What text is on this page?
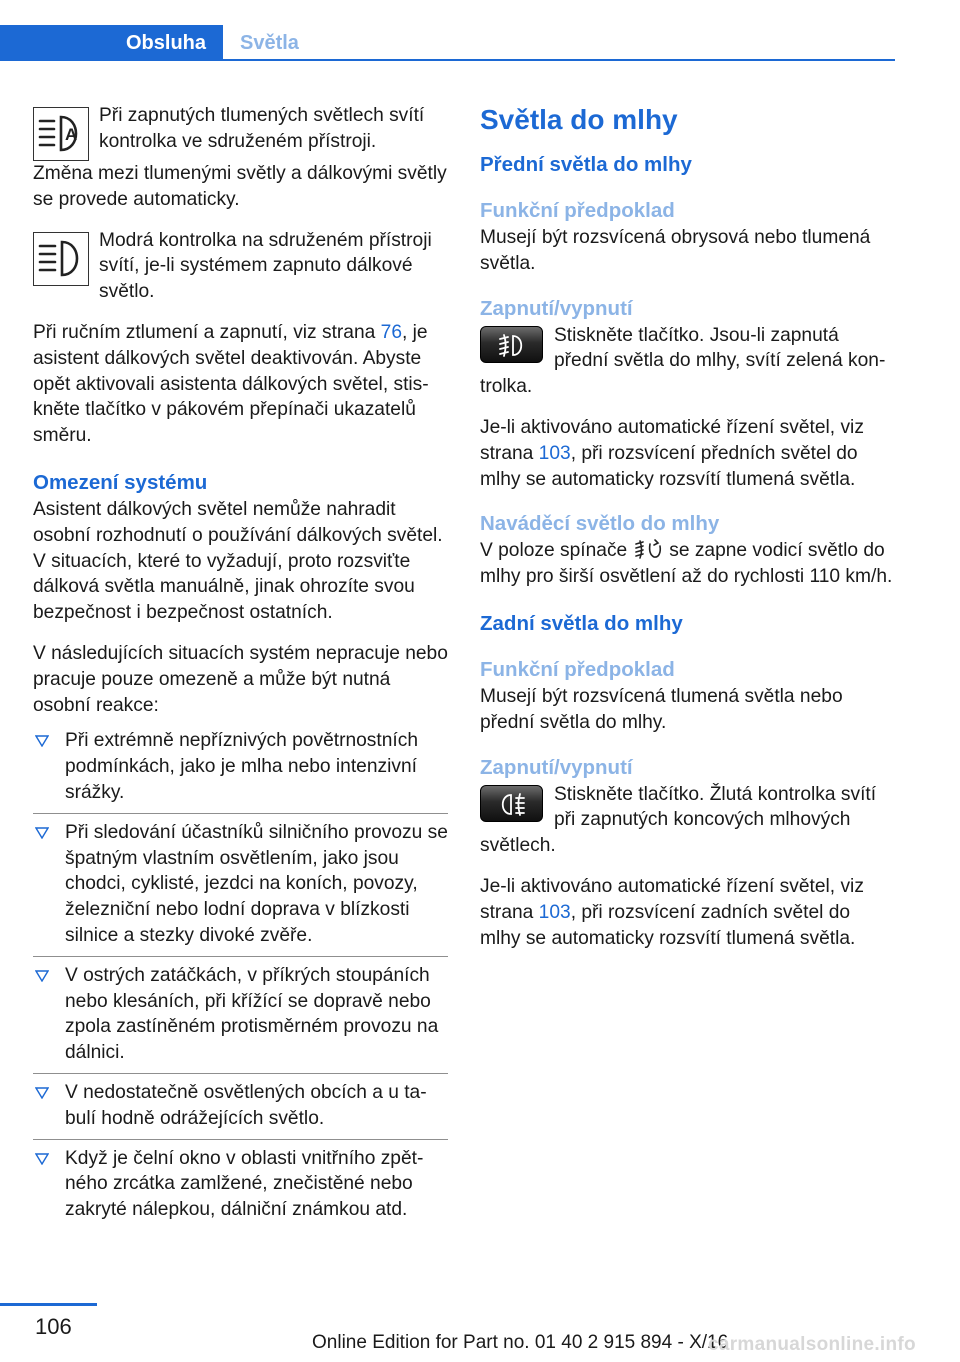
Obsluha	Světla
A

Při zapnutých tlumených světlech svítí kontrolka ve sdruženém přístroji.

Změna mezi tlumenými světly a dálkovými světly se provede automaticky.

Modrá kontrolka na sdruženém přístroji svítí, je-li systémem zapnuto dálkové světlo.

Při ručním ztlumení a zapnutí, viz strana 76, je asistent dálkových světel deaktivován. Abyste opět aktivovali asistenta dálkových světel, stiskněte tlačítko v pákovém přepínači ukazatelů směru.

Omezení systému

Asistent dálkových světel nemůže nahradit osobní rozhodnutí o používání dálkových světel. V situacích, které to vyžadují, proto rozsviťte dálková světla manuálně, jinak ohrozíte svou bezpečnost i bezpečnost ostatních.

V následujících situacích systém nepracuje nebo pracuje pouze omezeně a může být nutná osobní reakce:

Při extrémně nepříznivých povětrnostních podmínkách, jako je mlha nebo intenzivní srážky.
Při sledování účastníků silničního provozu se špatným vlastním osvětlením, jako jsou chodci, cyklisté, jezdci na koních, povozy, železniční nebo lodní doprava v blízkosti silnice a stezky divoké zvěře.
V ostrých zatáčkách, v příkrých stoupáních nebo klesáních, při křížící se dopravě nebo zpola zastíněném protisměrném provozu na dálnici.
V nedostatečně osvětlených obcích a u tabulí hodně odrážejících světlo.
Když je čelní okno v oblasti vnitřního zpětného zrcátka zamlžené, znečistěné nebo zakryté nálepkou, dálniční známkou atd.
Světla do mlhy
Přední světla do mlhy
Funkční předpoklad

Musejí být rozsvícená obrysová nebo tlumená světla.

Zapnutí/vypnutí

Stiskněte tlačítko. Jsou-li zapnutá přední světla do mlhy, svítí zelená kontrolka.

Je-li aktivováno automatické řízení světel, viz strana 103, při rozsvícení předních světel do mlhy se automaticky rozsvítí tlumená světla.

Naváděcí světlo do mlhy

V poloze spínače se zapne vodicí světlo do mlhy pro širší osvětlení až do rychlosti 110 km/h.

Zadní světla do mlhy
Funkční předpoklad

Musejí být rozsvícená tlumená světla nebo přední světla do mlhy.

Zapnutí/vypnutí

Stiskněte tlačítko. Žlutá kontrolka svítí při zapnutých koncových mlhových světlech.

Je-li aktivováno automatické řízení světel, viz strana 103, při rozsvícení zadních světel do mlhy se automaticky rozsvítí tlumená světla.

106
Online Edition for Part no. 01 40 2 915 894 - X/16
carmanualsonline.info
